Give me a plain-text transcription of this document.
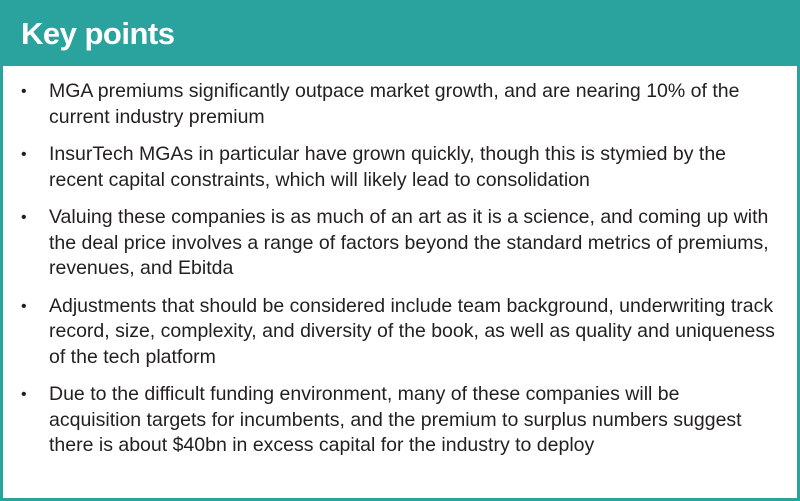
Key points
• MGA premiums significantly outpace market growth, and are nearing 10% of the current industry premium
• InsurTech MGAs in particular have grown quickly, though this is stymied by the recent capital constraints, which will likely lead to consolidation
• Valuing these companies is as much of an art as it is a science, and coming up with the deal price involves a range of factors beyond the standard metrics of premiums, revenues, and Ebitda
• Adjustments that should be considered include team background, underwriting track record, size, complexity, and diversity of the book, as well as quality and uniqueness of the tech platform
• Due to the difficult funding environment, many of these companies will be acquisition targets for incumbents, and the premium to surplus numbers suggest there is about $40bn in excess capital for the industry to deploy
